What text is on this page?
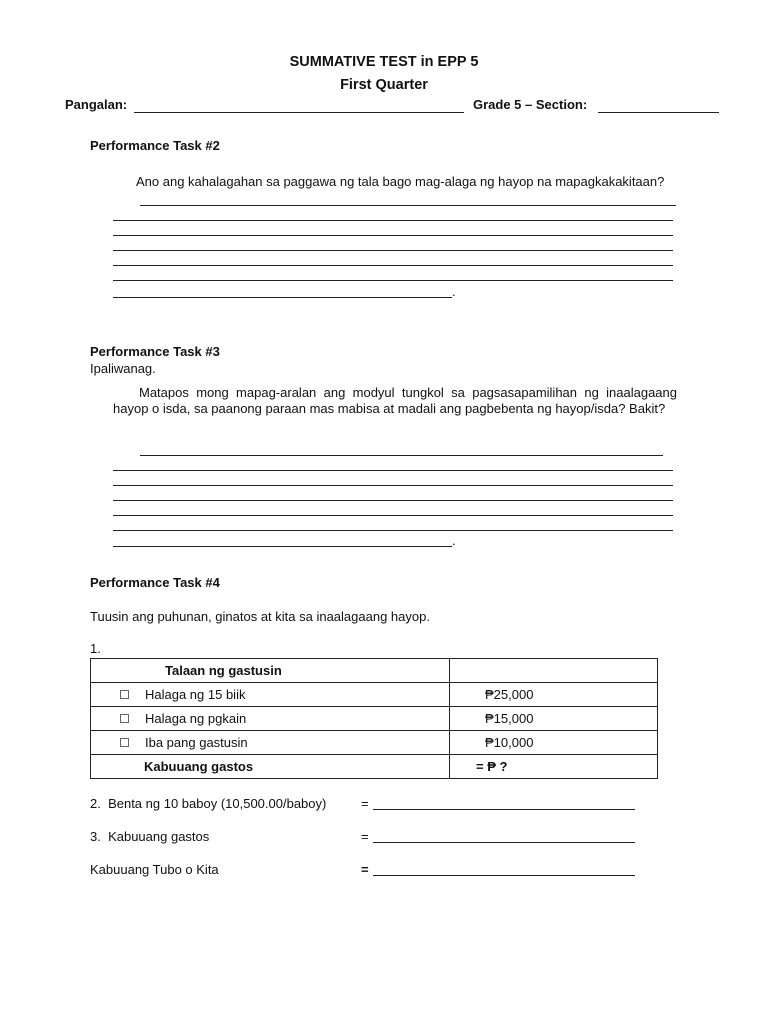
SUMMATIVE TEST in EPP 5
First Quarter
Pangalan:	Grade 5 – Section:
Performance Task #2
Ano ang kahalagahan sa paggawa ng tala bago mag-alaga ng hayop na mapagkakakitaan?
.
Performance Task #3
Ipaliwanag.
Matapos mong mapag-aralan ang modyul tungkol sa pagsasapamilihan ng inaalagaang hayop o isda, sa paanong paraan mas mabisa at madali ang pagbebenta ng hayop/isda? Bakit?
.
Performance Task #4
Tuusin ang puhunan, ginatos at kita sa inaalagaang hayop.
1.
Talaan ng gastusin	
Halaga ng 15 biik	₱25,000
Halaga ng pgkain	₱15,000
Iba pang gastusin	₱10,000
Kabuuang gastos	= ₱ ?
2.  Benta ng 10 baboy (10,500.00/baboy)	=
3.  Kabuuang gastos	=
Kabuuang Tubo o Kita	=
